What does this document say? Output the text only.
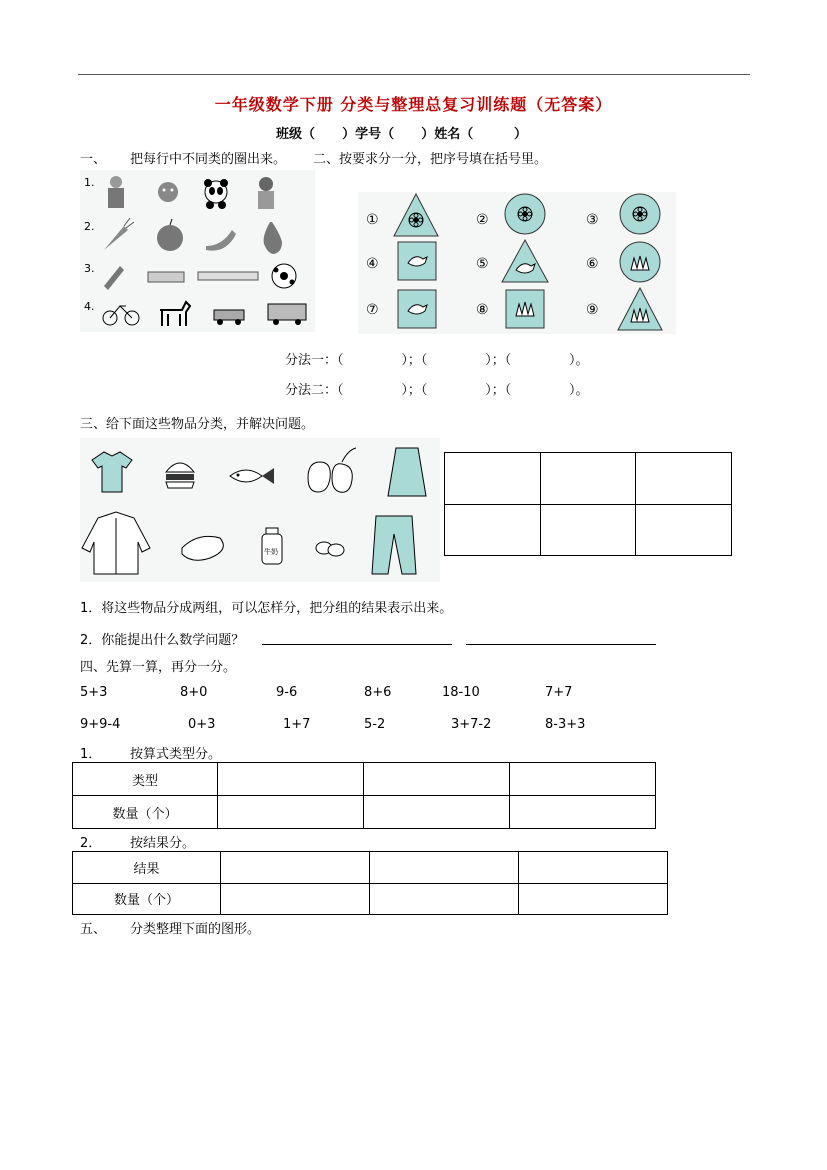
一年级数学下册 分类与整理总复习训练题（无答案）
班级（      ）学号（      ）姓名（         ）
一、 把每行中不同类的圈出来。 二、按要求分一分，把序号填在括号里。
1.
2.
3.
4.
①	②	③
④	⑤	⑥
⑦	⑧	⑨
分法一：（              ）；（              ）；（              ）。
分法二：（              ）；（              ）；（              ）。
三、给下面这些物品分类，并解决问题。
牛奶

1．将这些物品分成两组，可以怎样分，把分组的结果表示出来。
2．你能提出什么数学问题？
四、先算一算，再分一分。
5+3	8+0	9-6	8+6	18-10	7+7
9+9-4	0+3	1+7	5-2	3+7-2	8-3+3
1． 按算式类型分。
类型			
数量（个）			
2． 按结果分。
结果			
数量（个）			
五、 分类整理下面的图形。
